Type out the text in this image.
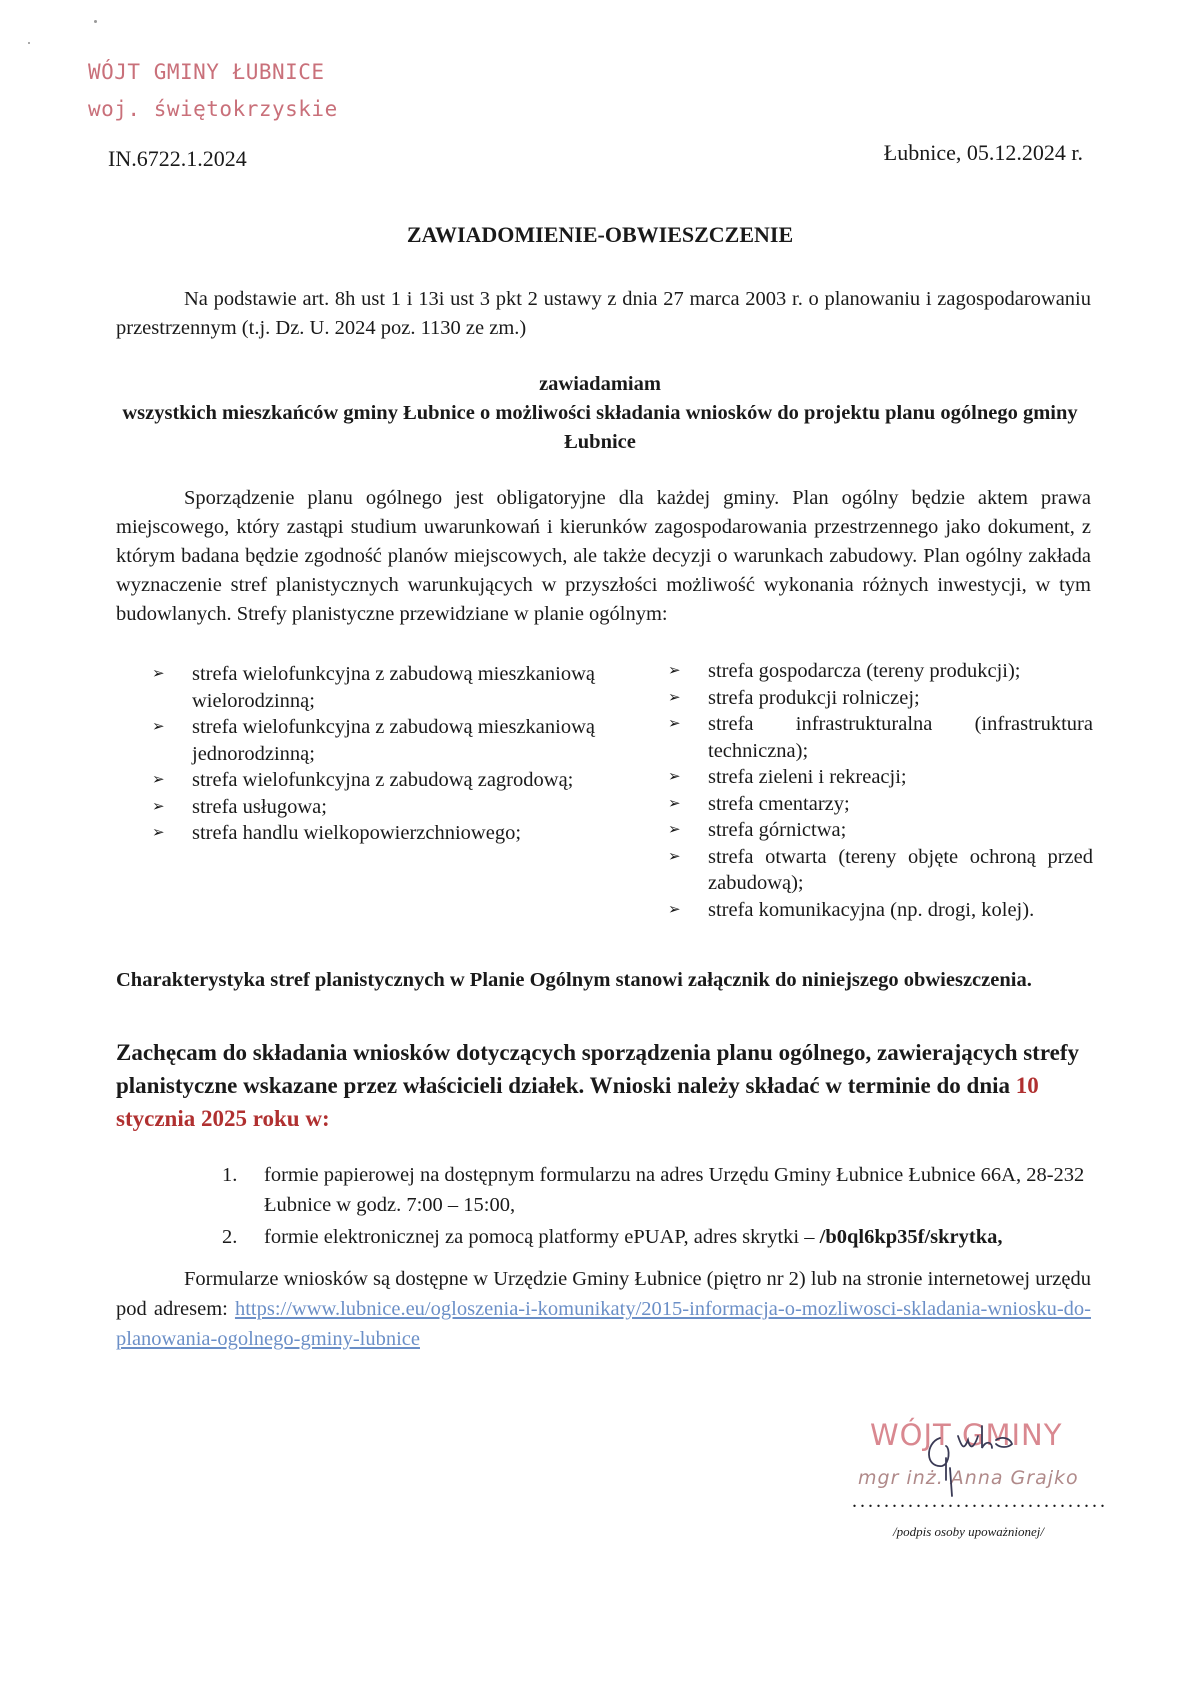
WÓJT GMINY ŁUBNICE
woj. świętokrzyskie
IN.6722.1.2024	Łubnice, 05.12.2024 r.
ZAWIADOMIENIE-OBWIESZCZENIE
Na podstawie art. 8h ust 1 i 13i ust 3 pkt 2 ustawy z dnia 27 marca 2003 r. o planowaniu i zagospodarowaniu przestrzennym (t.j. Dz. U. 2024 poz. 1130 ze zm.)
zawiadamiam
wszystkich mieszkańców gminy Łubnice o możliwości składania wniosków do projektu planu ogólnego gminy Łubnice
Sporządzenie planu ogólnego jest obligatoryjne dla każdej gminy. Plan ogólny będzie aktem prawa miejscowego, który zastąpi studium uwarunkowań i kierunków zagospodarowania przestrzennego jako dokument, z którym badana będzie zgodność planów miejscowych, ale także decyzji o warunkach zabudowy. Plan ogólny zakłada wyznaczenie stref planistycznych warunkujących w przyszłości możliwość wykonania różnych inwestycji, w tym budowlanych. Strefy planistyczne przewidziane w planie ogólnym:
➢ strefa wielofunkcyjna z zabudową mieszkaniową wielorodzinną;
➢ strefa wielofunkcyjna z zabudową mieszkaniową jednorodzinną;
➢ strefa wielofunkcyjna z zabudową zagrodową;
➢ strefa usługowa;
➢ strefa handlu wielkopowierzchniowego;
➢ strefa gospodarcza (tereny produkcji);
➢ strefa produkcji rolniczej;
➢ strefa infrastrukturalna (infrastruktura techniczna);
➢ strefa zieleni i rekreacji;
➢ strefa cmentarzy;
➢ strefa górnictwa;
➢ strefa otwarta (tereny objęte ochroną przed zabudową);
➢ strefa komunikacyjna (np. drogi, kolej).
Charakterystyka stref planistycznych w Planie Ogólnym stanowi załącznik do niniejszego obwieszczenia.
Zachęcam do składania wniosków dotyczących sporządzenia planu ogólnego, zawierających strefy planistyczne wskazane przez właścicieli działek. Wnioski należy składać w terminie do dnia 10 stycznia 2025 roku w:
1. formie papierowej na dostępnym formularzu na adres Urzędu Gminy Łubnice Łubnice 66A, 28-232 Łubnice w godz. 7:00 – 15:00,
2. formie elektronicznej za pomocą platformy ePUAP, adres skrytki – /b0ql6kp35f/skrytka,
Formularze wniosków są dostępne w Urzędzie Gminy Łubnice (piętro nr 2) lub na stronie internetowej urzędu pod adresem: https://www.lubnice.eu/ogloszenia-i-komunikaty/2015-informacja-o-mozliwosci-skladania-wniosku-do-planowania-ogolnego-gminy-lubnice
WÓJT GMINY
mgr inż. Anna Grajko
................................
/podpis osoby upoważnionej/
